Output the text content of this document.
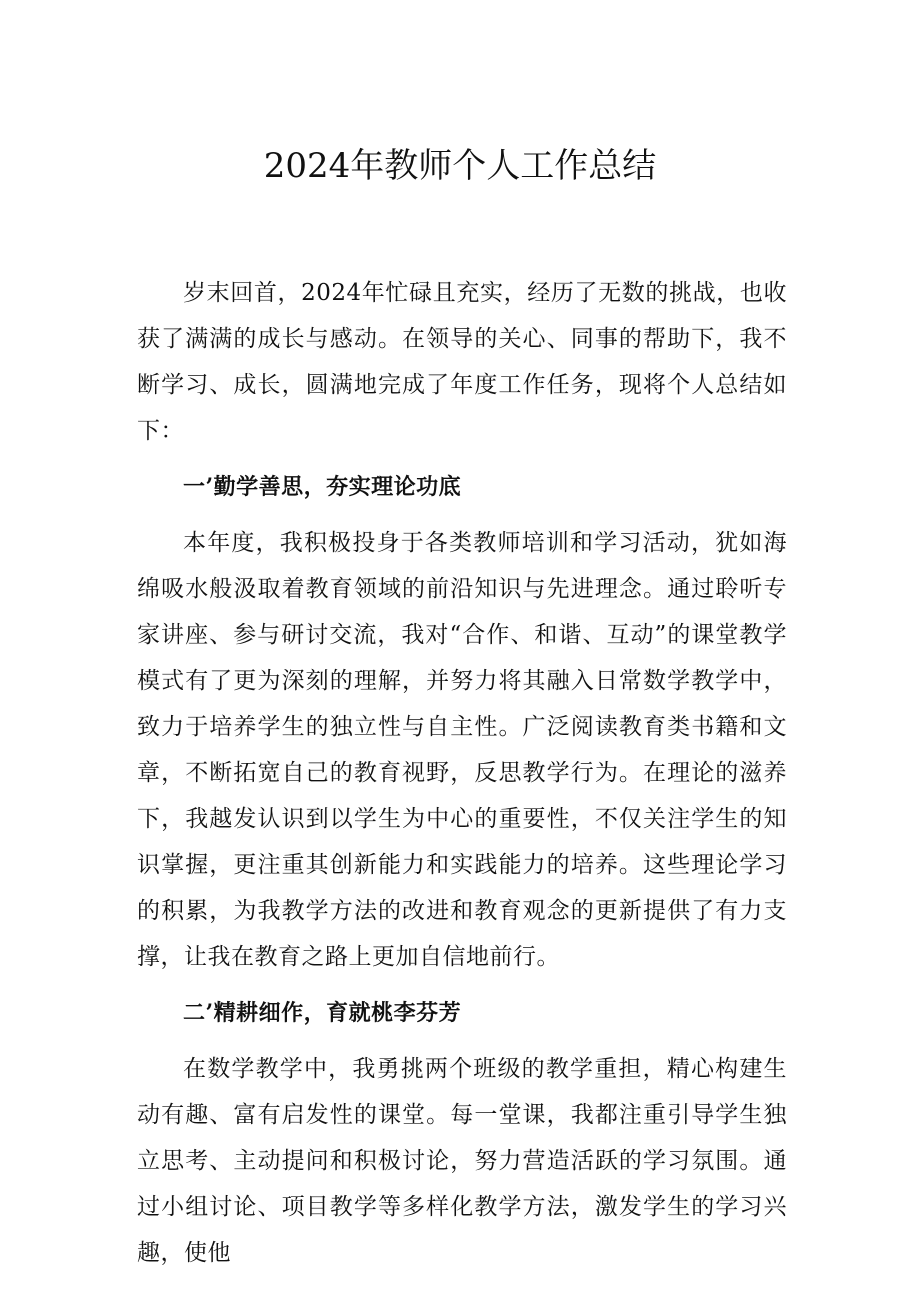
2024年教师个人工作总结

岁末回首，2024年忙碌且充实，经历了无数的挑战，也收获了满满的成长与感动。在领导的关心、同事的帮助下，我不断学习、成长，圆满地完成了年度工作任务，现将个人总结如下：

一’勤学善思，夯实理论功底

本年度，我积极投身于各类教师培训和学习活动，犹如海绵吸水般汲取着教育领域的前沿知识与先进理念。通过聆听专家讲座、参与研讨交流，我对“合作、和谐、互动”的课堂教学模式有了更为深刻的理解，并努力将其融入日常数学教学中，致力于培养学生的独立性与自主性。广泛阅读教育类书籍和文章，不断拓宽自己的教育视野，反思教学行为。在理论的滋养下，我越发认识到以学生为中心的重要性，不仅关注学生的知识掌握，更注重其创新能力和实践能力的培养。这些理论学习的积累，为我教学方法的改进和教育观念的更新提供了有力支撑，让我在教育之路上更加自信地前行。

二’精耕细作，育就桃李芬芳

在数学教学中，我勇挑两个班级的教学重担，精心构建生动有趣、富有启发性的课堂。每一堂课，我都注重引导学生独立思考、主动提问和积极讨论，努力营造活跃的学习氛围。通过小组讨论、项目教学等多样化教学方法，激发学生的学习兴趣，使他
